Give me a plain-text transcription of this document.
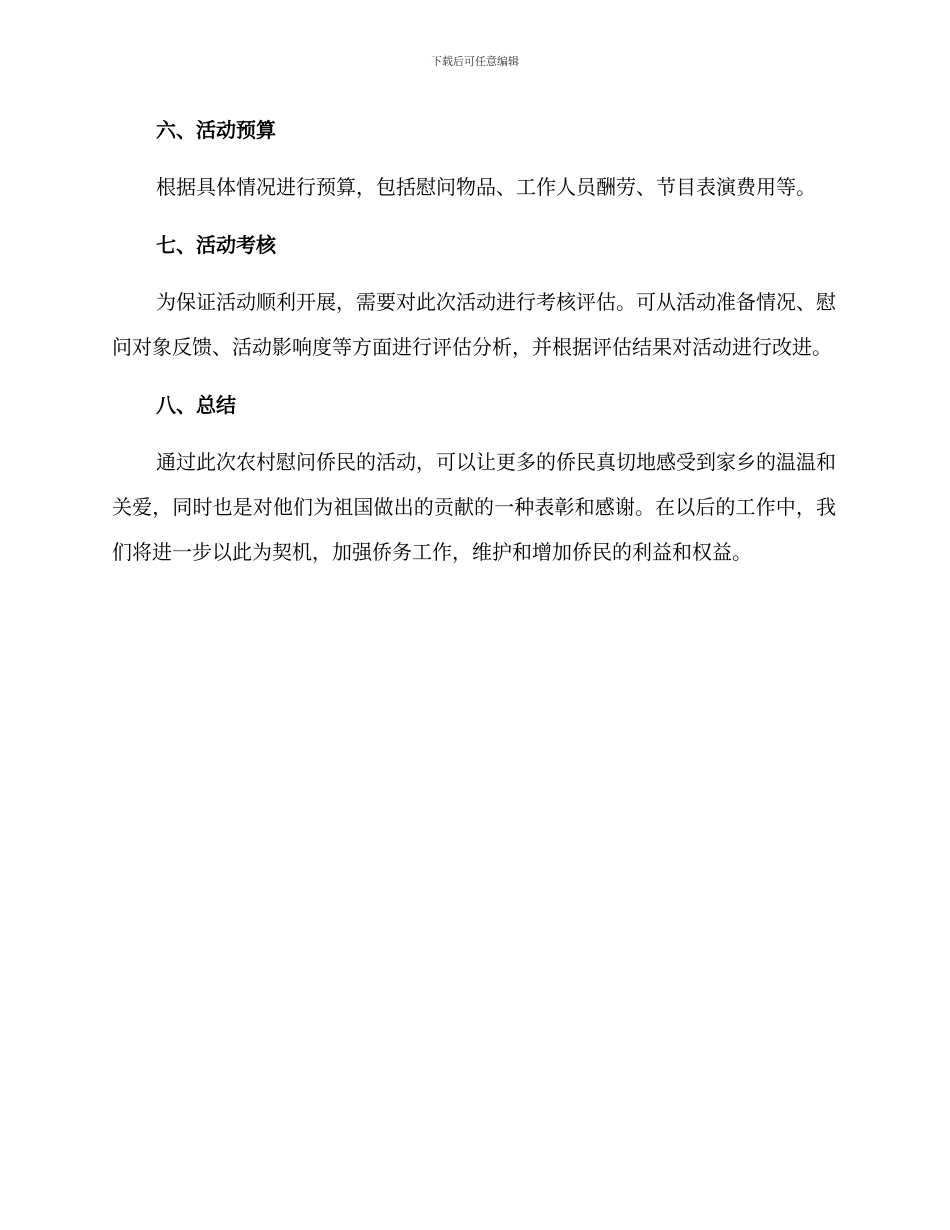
下载后可任意编辑
六、活动预算
根据具体情况进行预算，包括慰问物品、工作人员酬劳、节目表演费用等。
七、活动考核
为保证活动顺利开展，需要对此次活动进行考核评估。可从活动准备情况、慰问对象反馈、活动影响度等方面进行评估分析，并根据评估结果对活动进行改进。
八、总结
通过此次农村慰问侨民的活动，可以让更多的侨民真切地感受到家乡的温温和关爱，同时也是对他们为祖国做出的贡献的一种表彰和感谢。在以后的工作中，我们将进一步以此为契机，加强侨务工作，维护和增加侨民的利益和权益。
